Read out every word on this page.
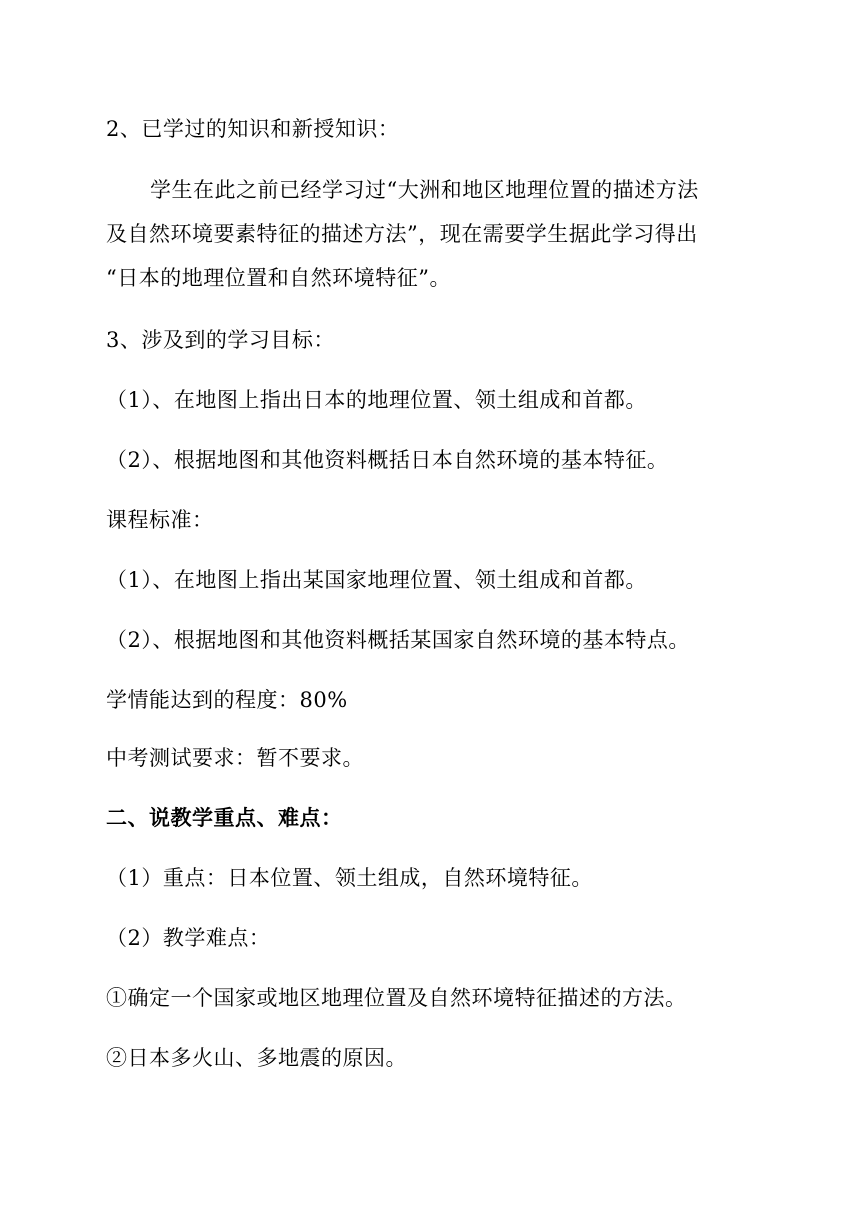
2、已学过的知识和新授知识：
学生在此之前已经学习过“大洲和地区地理位置的描述方法
及自然环境要素特征的描述方法”，现在需要学生据此学习得出
“日本的地理位置和自然环境特征”。
3、涉及到的学习目标：
（1）、在地图上指出日本的地理位置、领土组成和首都。
（2）、根据地图和其他资料概括日本自然环境的基本特征。
课程标准：
（1）、在地图上指出某国家地理位置、领土组成和首都。
（2）、根据地图和其他资料概括某国家自然环境的基本特点。
学情能达到的程度：80%
中考测试要求：暂不要求。
二、说教学重点、难点：
（1）重点：日本位置、领土组成，自然环境特征。
（2）教学难点：
①确定一个国家或地区地理位置及自然环境特征描述的方法。
②日本多火山、多地震的原因。
